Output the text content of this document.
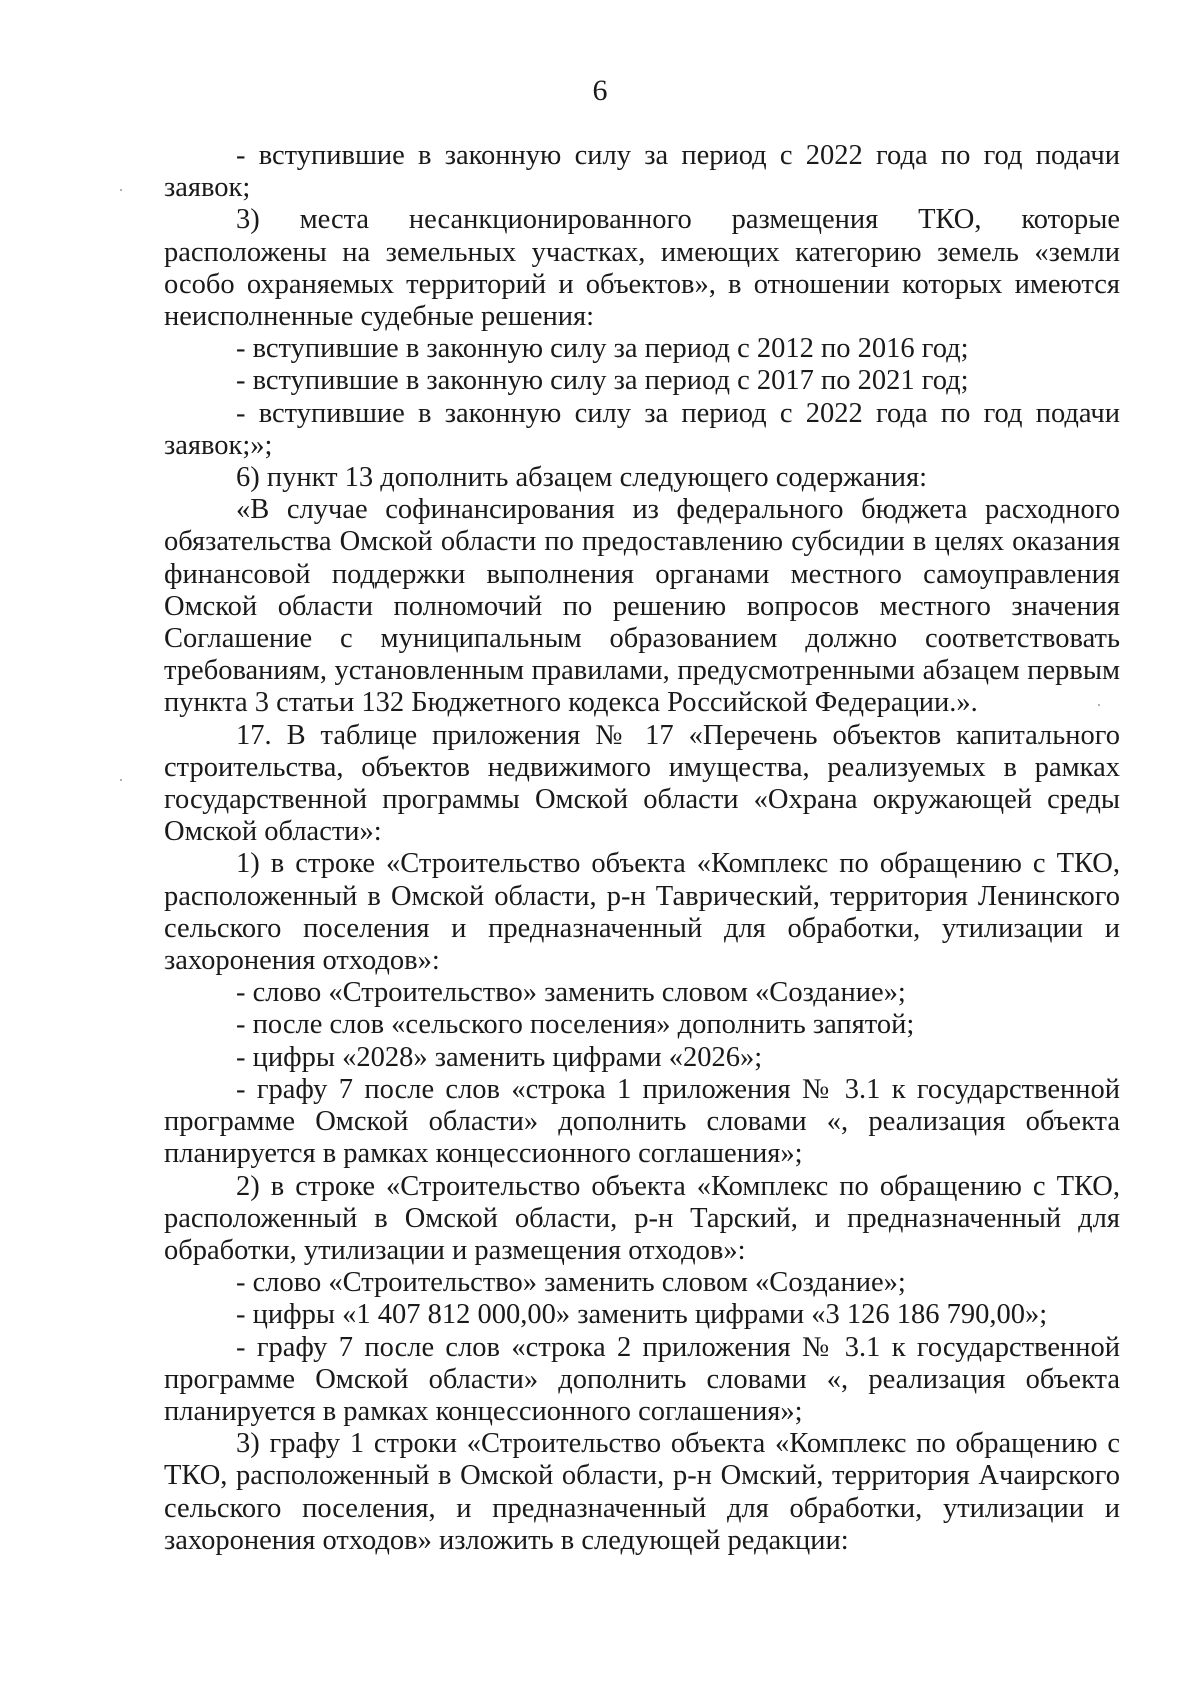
6

- вступившие в законную силу за период с 2022 года по год подачи заявок;

3) места несанкционированного размещения ТКО, которые расположены на земельных участках, имеющих категорию земель «земли особо охраняемых территорий и объектов», в отношении которых имеются неисполненные судебные решения:

- вступившие в законную силу за период с 2012 по 2016 год;

- вступившие в законную силу за период с 2017 по 2021 год;

- вступившие в законную силу за период с 2022 года по год подачи заявок;»;

6) пункт 13 дополнить абзацем следующего содержания:

«В случае софинансирования из федерального бюджета расходного обязательства Омской области по предоставлению субсидии в целях оказания финансовой поддержки выполнения органами местного самоуправления Омской области полномочий по решению вопросов местного значения Соглашение с муниципальным образованием должно соответствовать требованиям, установленным правилами, предусмотренными абзацем первым пункта 3 статьи 132 Бюджетного кодекса Российской Федерации.».

17. В таблице приложения № 17 «Перечень объектов капитального строительства, объектов недвижимого имущества, реализуемых в рамках государственной программы Омской области «Охрана окружающей среды Омской области»:

1) в строке «Строительство объекта «Комплекс по обращению с ТКО, расположенный в Омской области, р-н Таврический, территория Ленинского сельского поселения и предназначенный для обработки, утилизации и захоронения отходов»:

- слово «Строительство» заменить словом «Создание»;

- после слов «сельского поселения» дополнить запятой;

- цифры «2028» заменить цифрами «2026»;

- графу 7 после слов «строка 1 приложения № 3.1 к государственной программе Омской области» дополнить словами «, реализация объекта планируется в рамках концессионного соглашения»;

2) в строке «Строительство объекта «Комплекс по обращению с ТКО, расположенный в Омской области, р-н Тарский, и предназначенный для обработки, утилизации и размещения отходов»:

- слово «Строительство» заменить словом «Создание»;

- цифры «1 407 812 000,00» заменить цифрами «3 126 186 790,00»;

- графу 7 после слов «строка 2 приложения № 3.1 к государственной программе Омской области» дополнить словами «, реализация объекта планируется в рамках концессионного соглашения»;

3) графу 1 строки «Строительство объекта «Комплекс по обращению с ТКО, расположенный в Омской области, р-н Омский, территория Ачаирского сельского поселения, и предназначенный для обработки, утилизации и захоронения отходов» изложить в следующей редакции:
